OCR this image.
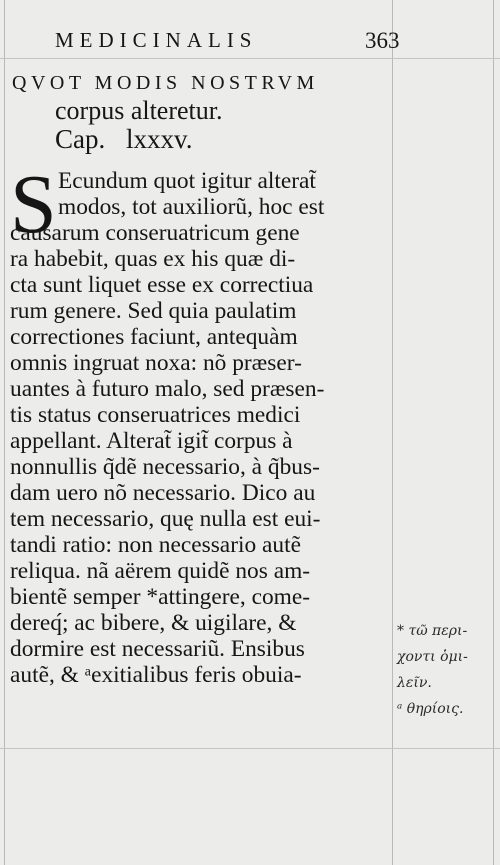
MEDICINALIS	363
QVOT MODIS NOSTRVM
corpus alteretur.
Cap. lxxxv.
S Ecundum quot igitur alterat̃
modos, tot auxiliorũ, hoc est
causarum conseruatricum gene
ra habebit, quas ex his quæ di-
cta sunt liquet esse ex correctiua
rum genere. Sed quia paulatim
correctiones faciunt, antequàm
omnis ingruat noxa: nõ præser-
uantes à futuro malo, sed præsen-
tis status conseruatrices medici
appellant. Alterat̃ igit̃ corpus à
nonnullis q̃dẽ necessario, à q̃bus-
dam uero nõ necessario. Dico au
tem necessario, quę nulla est eui-
tandi ratio: non necessario autẽ
reliqua. nã aërem quidẽ nos am-
bientẽ semper *attingere, come-
dereq́; ac bibere, & uigilare, &
dormire est necessariũ. Ensibus
autẽ, & ᵃexitialibus feris obuia-
* τῶ περι-
χοντι ὁμι-
λεῖν.
ᵃ θηρίοις.
